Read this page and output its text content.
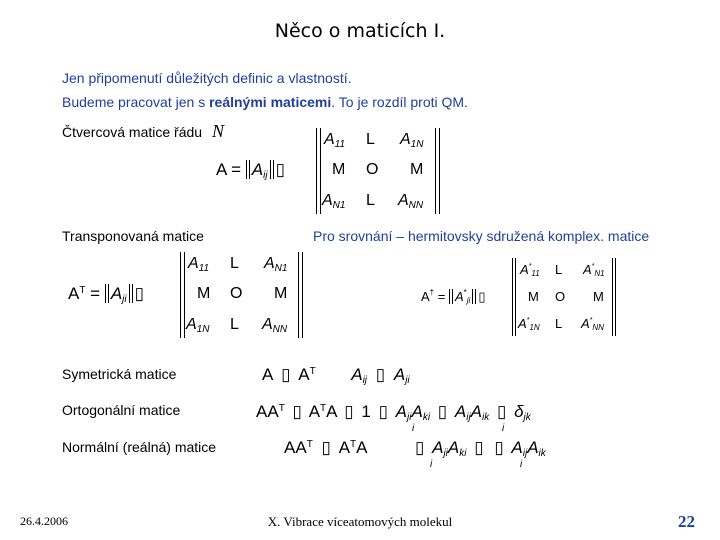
Něco o maticích I.
Jen připomenutí důležitých definic a vlastností.
Budeme pracovat jen s reálnými maticemi. To je rozdíl proti QM.
Čtvercová matice řádu N
$A = A_{ij}$ ▯
$A_{11}$ L $A_{1N}$
M O M
$A_{N1}$ L $A_{NN}$
Transponovaná matice
$A^T = A_{ji}$ ▯
$A_{11}$ L $A_{N1}$
M O M
$A_{1N}$ L $A_{NN}$
Pro srovnání – hermitovsky sdružená komplex. matice
A† = A*ji ▯
A*11 L A*N1
M O M
A*1N L A*NN
Symetrická matice	A ▯ $A^T$ $A_{ij}$ ▯ $A_{ji}$
Ortogonální matice	$AA^T$ ▯ $A^TA$ ▯ 1 ▯ $A_{ji}A_{ki}$ ▯ $A_{ij}A_{ik}$ ▯ $\delta_{jk}$
i	i
Normální (reálná) matice	$AA^T$ ▯ $A^TA$	▯ $A_{ji}A_{ki}$ ▯ ▯ $A_{ij}A_{ik}$
i	i
26.4.2006	X. Vibrace víceatomových molekul	22
